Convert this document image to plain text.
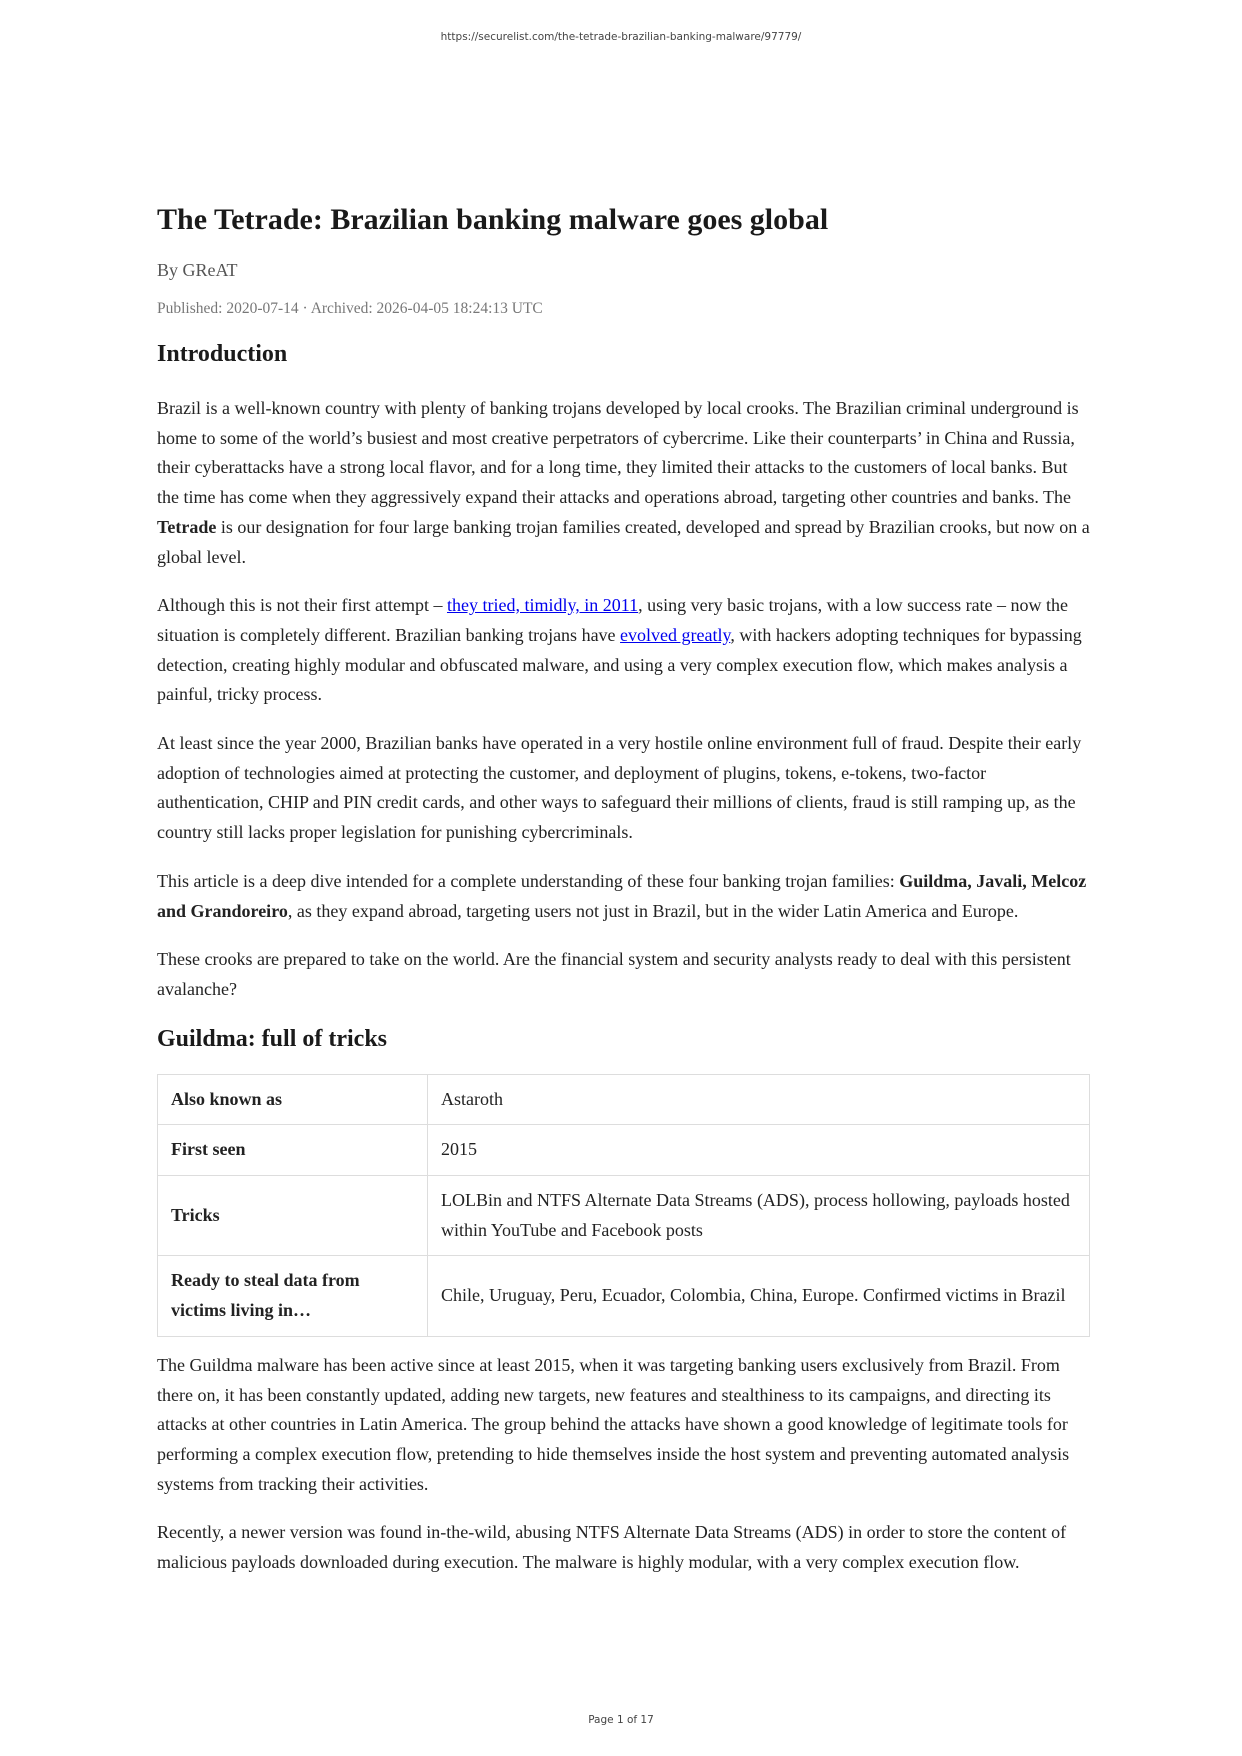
https://securelist.com/the-tetrade-brazilian-banking-malware/97779/
The Tetrade: Brazilian banking malware goes global
By GReAT
Published: 2020-07-14 · Archived: 2026-04-05 18:24:13 UTC
Introduction

Brazil is a well-known country with plenty of banking trojans developed by local crooks. The Brazilian criminal underground is home to some of the world’s busiest and most creative perpetrators of cybercrime. Like their counterparts’ in China and Russia, their cyberattacks have a strong local flavor, and for a long time, they limited their attacks to the customers of local banks. But the time has come when they aggressively expand their attacks and operations abroad, targeting other countries and banks. The Tetrade is our designation for four large banking trojan families created, developed and spread by Brazilian crooks, but now on a global level.

Although this is not their first attempt – they tried, timidly, in 2011, using very basic trojans, with a low success rate – now the situation is completely different. Brazilian banking trojans have evolved greatly, with hackers adopting techniques for bypassing detection, creating highly modular and obfuscated malware, and using a very complex execution flow, which makes analysis a painful, tricky process.

At least since the year 2000, Brazilian banks have operated in a very hostile online environment full of fraud. Despite their early adoption of technologies aimed at protecting the customer, and deployment of plugins, tokens, e-tokens, two-factor authentication, CHIP and PIN credit cards, and other ways to safeguard their millions of clients, fraud is still ramping up, as the country still lacks proper legislation for punishing cybercriminals.

This article is a deep dive intended for a complete understanding of these four banking trojan families: Guildma, Javali, Melcoz and Grandoreiro, as they expand abroad, targeting users not just in Brazil, but in the wider Latin America and Europe.

These crooks are prepared to take on the world. Are the financial system and security analysts ready to deal with this persistent avalanche?

Guildma: full of tricks
Also known as	Astaroth
First seen	2015
Tricks	LOLBin and NTFS Alternate Data Streams (ADS), process hollowing, payloads hosted within YouTube and Facebook posts
Ready to steal data from victims living in…	Chile, Uruguay, Peru, Ecuador, Colombia, China, Europe. Confirmed victims in Brazil

The Guildma malware has been active since at least 2015, when it was targeting banking users exclusively from Brazil. From there on, it has been constantly updated, adding new targets, new features and stealthiness to its campaigns, and directing its attacks at other countries in Latin America. The group behind the attacks have shown a good knowledge of legitimate tools for performing a complex execution flow, pretending to hide themselves inside the host system and preventing automated analysis systems from tracking their activities.

Recently, a newer version was found in-the-wild, abusing NTFS Alternate Data Streams (ADS) in order to store the content of malicious payloads downloaded during execution. The malware is highly modular, with a very complex execution flow.

Page 1 of 17
